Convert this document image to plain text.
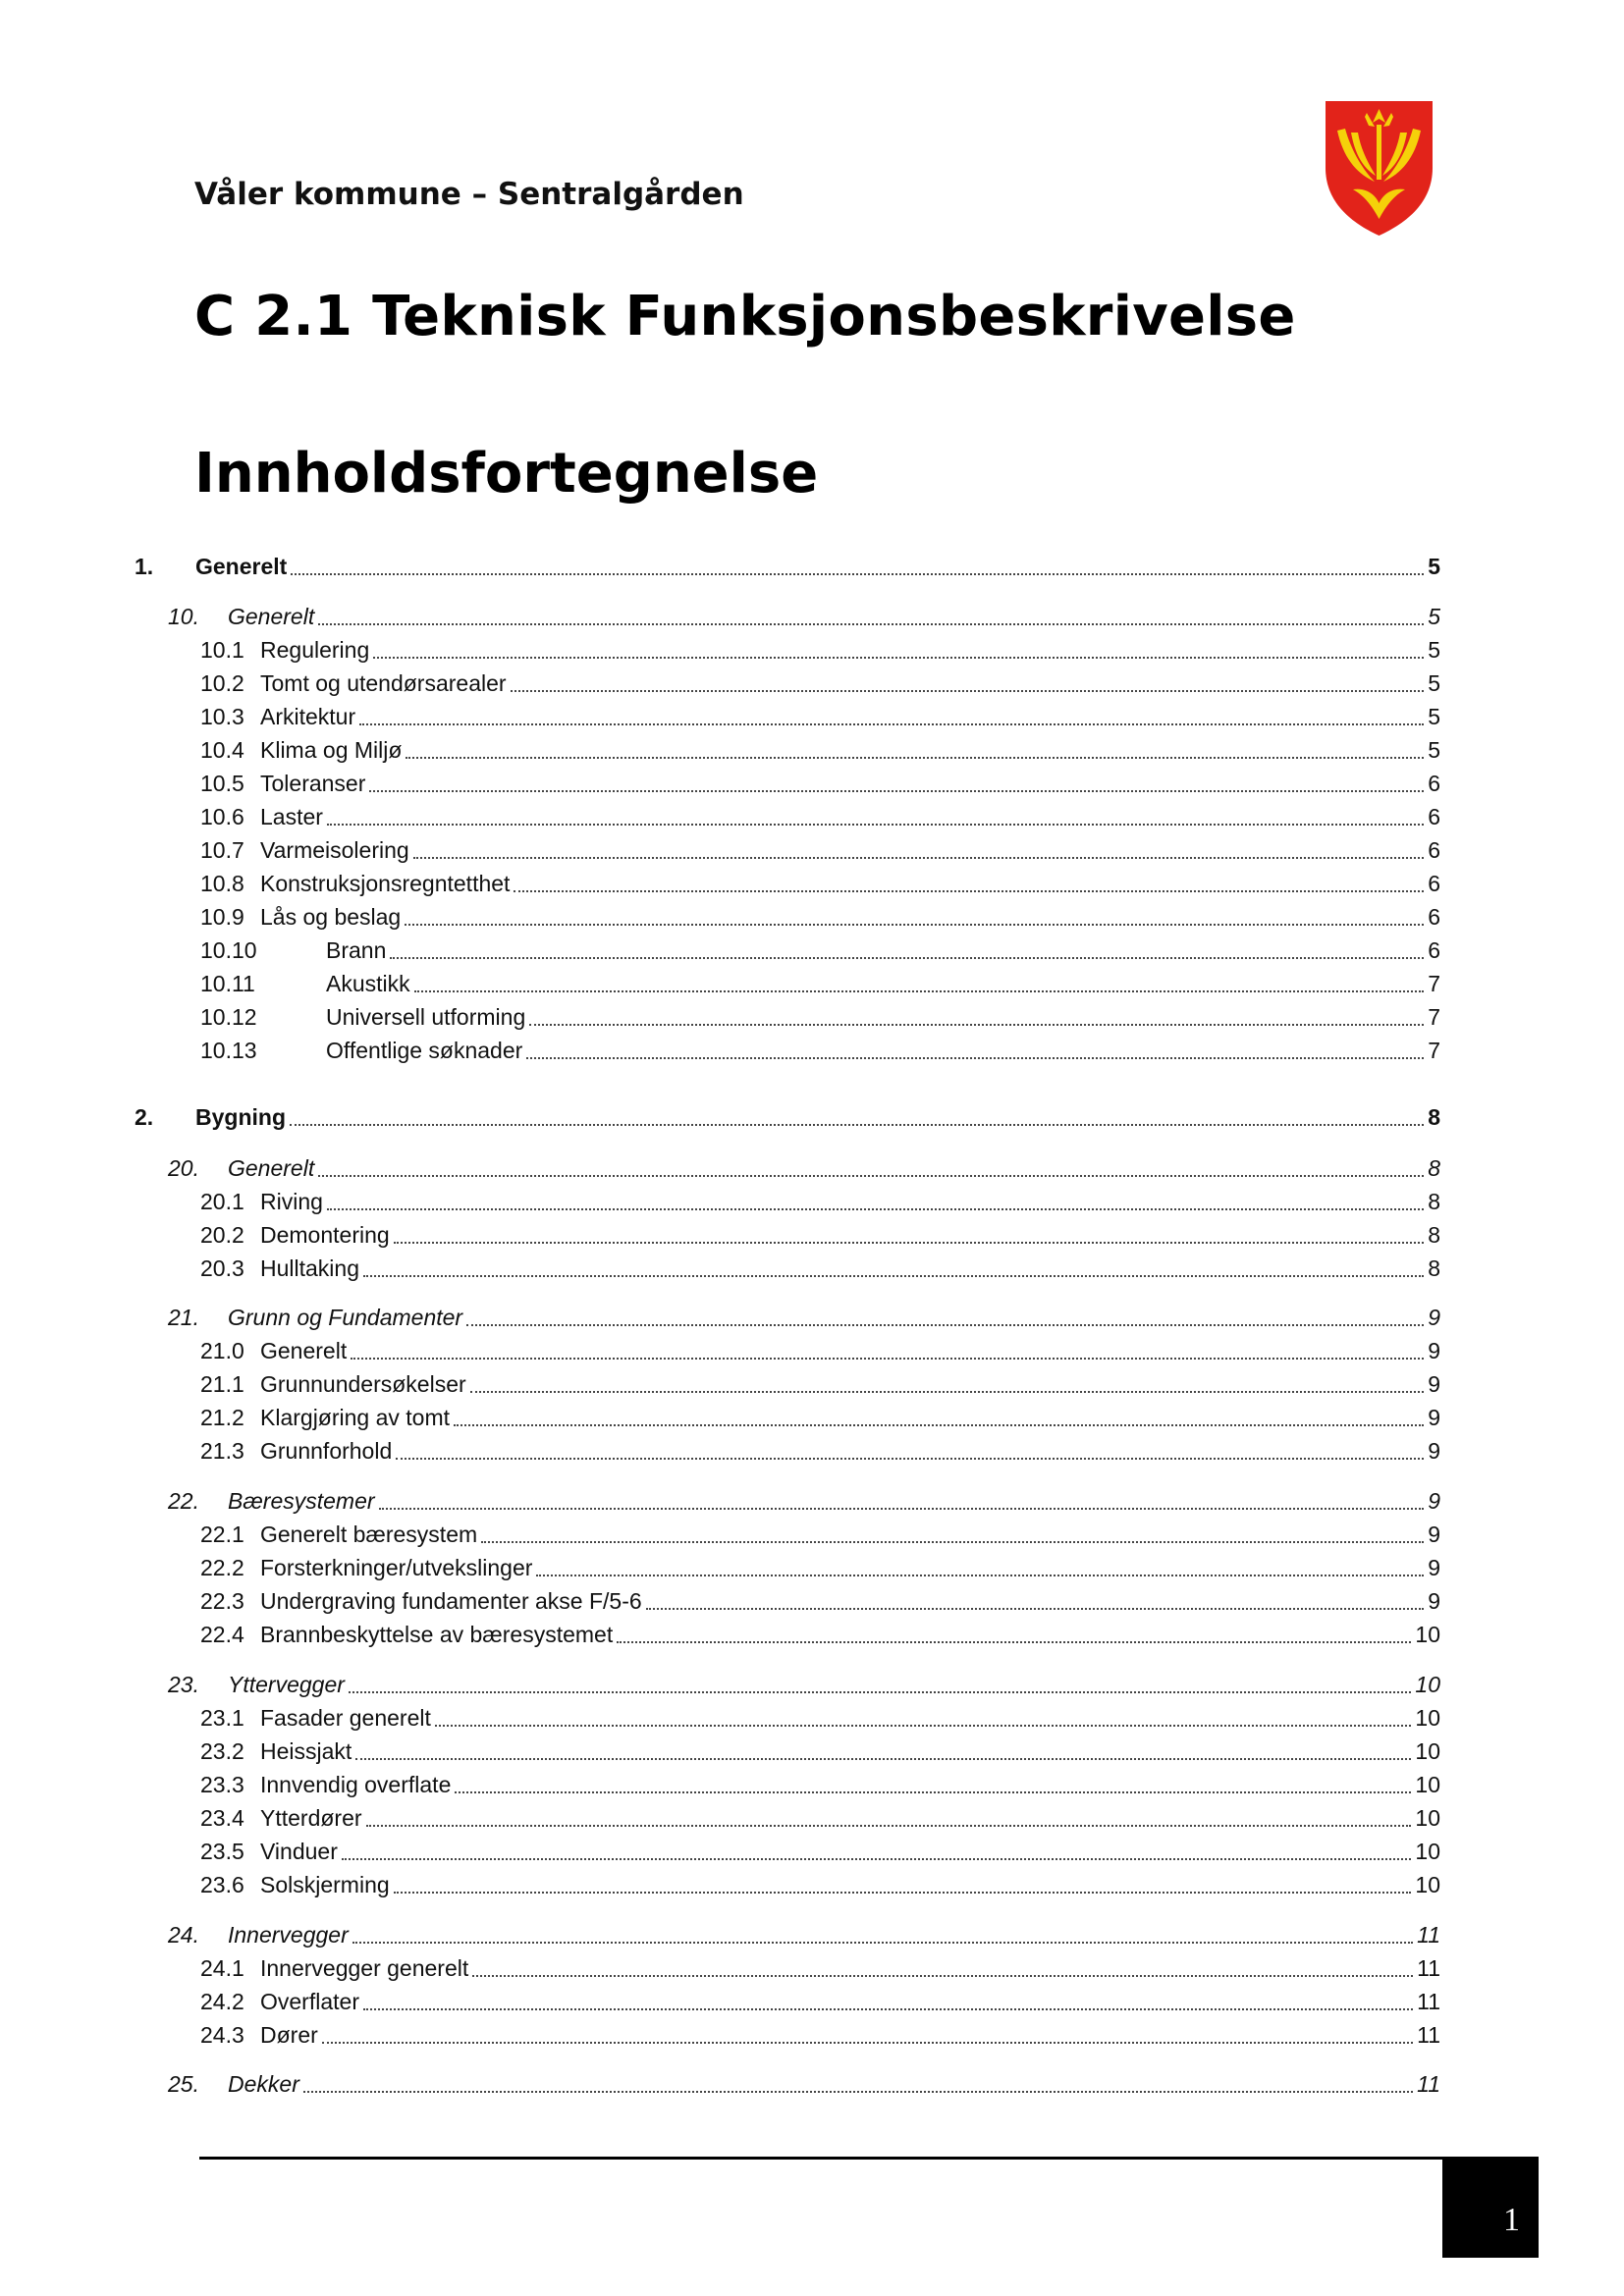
Våler kommune – Sentralgården
C 2.1 Teknisk Funksjonsbeskrivelse
Innholdsfortegnelse
1.	Generelt	5
10.	Generelt	5
10.1 Regulering	5
10.2 Tomt og utendørsarealer	5
10.3 Arkitektur	5
10.4 Klima og Miljø	5
10.5 Toleranser	6
10.6 Laster	6
10.7 Varmeisolering	6
10.8 Konstruksjonsregntetthet	6
10.9 Lås og beslag	6
10.10	Brann	6
10.11	Akustikk	7
10.12	Universell utforming	7
10.13	Offentlige søknader	7
2.	Bygning	8
20.	Generelt	8
20.1 Riving	8
20.2 Demontering	8
20.3 Hulltaking	8
21.	Grunn og Fundamenter	9
21.0 Generelt	9
21.1 Grunnundersøkelser	9
21.2 Klargjøring av tomt	9
21.3 Grunnforhold	9
22.	Bæresystemer	9
22.1 Generelt bæresystem	9
22.2 Forsterkninger/utvekslinger	9
22.3 Undergraving fundamenter akse F/5-6	9
22.4 Brannbeskyttelse av bæresystemet	10
23.	Yttervegger	10
23.1 Fasader generelt	10
23.2 Heissjakt	10
23.3 Innvendig overflate	10
23.4 Ytterdører	10
23.5 Vinduer	10
23.6 Solskjerming	10
24.	Innervegger	11
24.1 Innervegger generelt	11
24.2 Overflater	11
24.3 Dører	11
25.	Dekker	11
1
